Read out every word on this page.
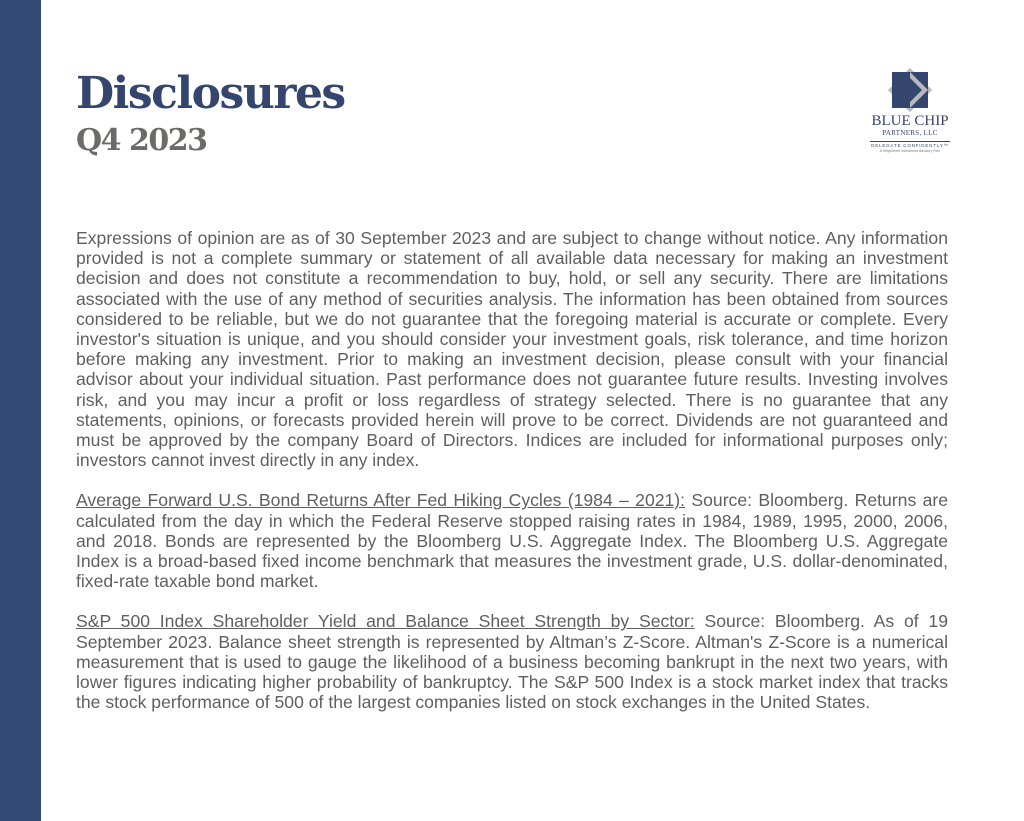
Disclosures
Q4 2023
BLUE CHIP
PARTNERS, LLC
DELEGATE CONFIDENTLY™
A Registered Investment Advisory Firm

Expressions of opinion are as of 30 September 2023 and are subject to change without notice. Any information provided is not a complete summary or statement of all available data necessary for making an investment decision and does not constitute a recommendation to buy, hold, or sell any security. There are limitations associated with the use of any method of securities analysis. The information has been obtained from sources considered to be reliable, but we do not guarantee that the foregoing material is accurate or complete. Every investor's situation is unique, and you should consider your investment goals, risk tolerance, and time horizon before making any investment. Prior to making an investment decision, please consult with your financial advisor about your individual situation. Past performance does not guarantee future results. Investing involves risk, and you may incur a profit or loss regardless of strategy selected. There is no guarantee that any statements, opinions, or forecasts provided herein will prove to be correct. Dividends are not guaranteed and must be approved by the company Board of Directors. Indices are included for informational purposes only; investors cannot invest directly in any index.

Average Forward U.S. Bond Returns After Fed Hiking Cycles (1984 – 2021): Source: Bloomberg. Returns are calculated from the day in which the Federal Reserve stopped raising rates in 1984, 1989, 1995, 2000, 2006, and 2018. Bonds are represented by the Bloomberg U.S. Aggregate Index. The Bloomberg U.S. Aggregate Index is a broad-based fixed income benchmark that measures the investment grade, U.S. dollar-denominated, fixed-rate taxable bond market.

S&P 500 Index Shareholder Yield and Balance Sheet Strength by Sector: Source: Bloomberg. As of 19 September 2023. Balance sheet strength is represented by Altman’s Z-Score. Altman's Z-Score is a numerical measurement that is used to gauge the likelihood of a business becoming bankrupt in the next two years, with lower figures indicating higher probability of bankruptcy. The S&P 500 Index is a stock market index that tracks the stock performance of 500 of the largest companies listed on stock exchanges in the United States.
